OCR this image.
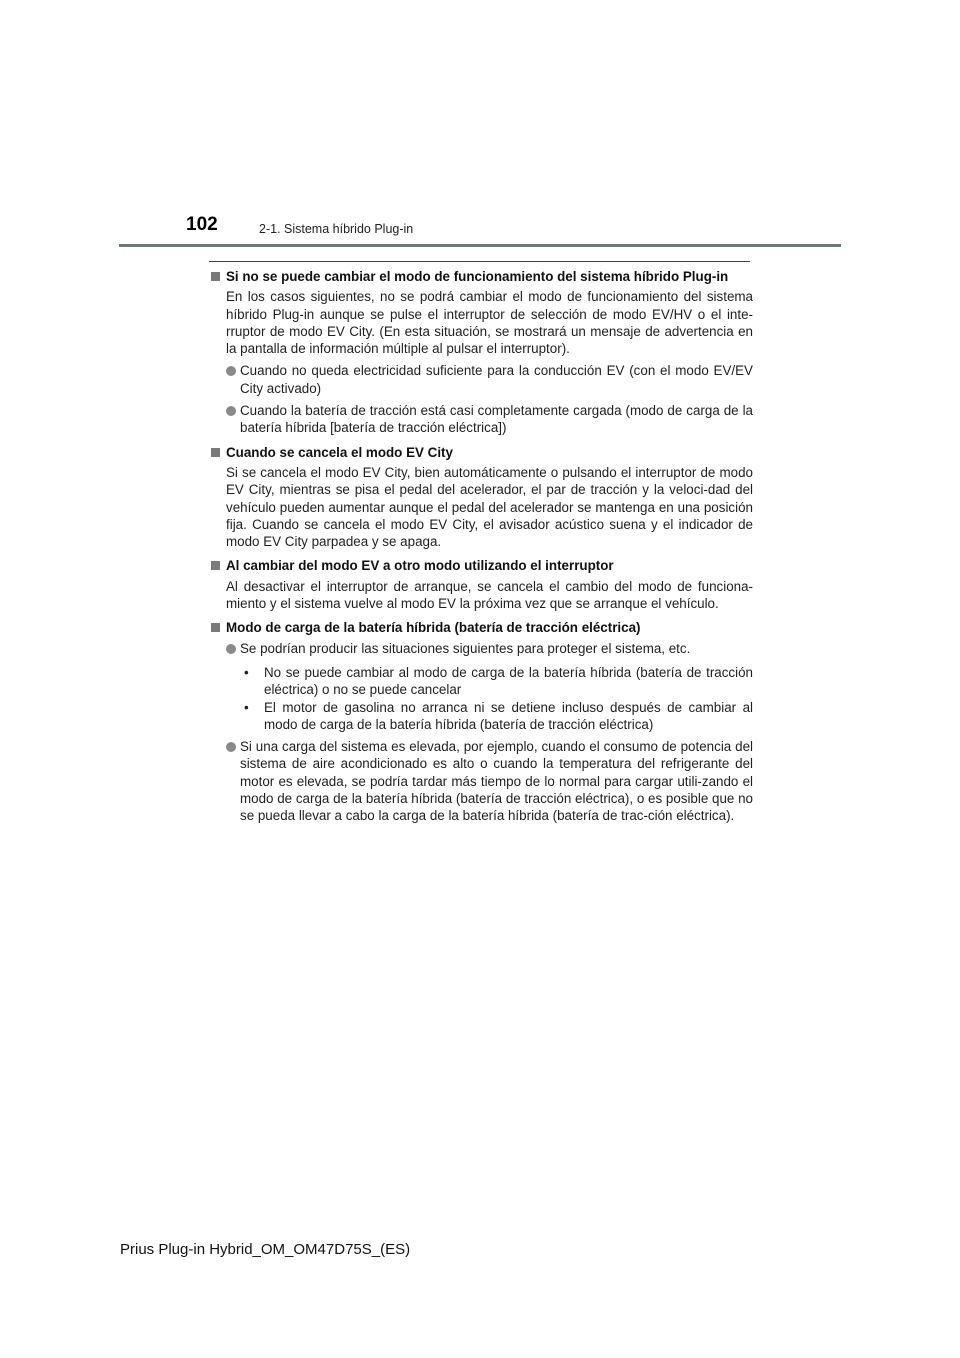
102	2-1. Sistema híbrido Plug-in
Si no se puede cambiar el modo de funcionamiento del sistema híbrido Plug-in
En los casos siguientes, no se podrá cambiar el modo de funcionamiento del sistema híbrido Plug-in aunque se pulse el interruptor de selección de modo EV/HV o el inte-rruptor de modo EV City. (En esta situación, se mostrará un mensaje de advertencia en la pantalla de información múltiple al pulsar el interruptor).
Cuando no queda electricidad suficiente para la conducción EV (con el modo EV/EV City activado)
Cuando la batería de tracción está casi completamente cargada (modo de carga de la batería híbrida [batería de tracción eléctrica])
Cuando se cancela el modo EV City
Si se cancela el modo EV City, bien automáticamente o pulsando el interruptor de modo EV City, mientras se pisa el pedal del acelerador, el par de tracción y la veloci-dad del vehículo pueden aumentar aunque el pedal del acelerador se mantenga en una posición fija. Cuando se cancela el modo EV City, el avisador acústico suena y el indicador de modo EV City parpadea y se apaga.
Al cambiar del modo EV a otro modo utilizando el interruptor
Al desactivar el interruptor de arranque, se cancela el cambio del modo de funciona-miento y el sistema vuelve al modo EV la próxima vez que se arranque el vehículo.
Modo de carga de la batería híbrida (batería de tracción eléctrica)
Se podrían producir las situaciones siguientes para proteger el sistema, etc.
•	No se puede cambiar al modo de carga de la batería híbrida (batería de tracción eléctrica) o no se puede cancelar
•	El motor de gasolina no arranca ni se detiene incluso después de cambiar al modo de carga de la batería híbrida (batería de tracción eléctrica)
Si una carga del sistema es elevada, por ejemplo, cuando el consumo de potencia del sistema de aire acondicionado es alto o cuando la temperatura del refrigerante del motor es elevada, se podría tardar más tiempo de lo normal para cargar utili-zando el modo de carga de la batería híbrida (batería de tracción eléctrica), o es posible que no se pueda llevar a cabo la carga de la batería híbrida (batería de trac-ción eléctrica).
Prius Plug-in Hybrid_OM_OM47D75S_(ES)
